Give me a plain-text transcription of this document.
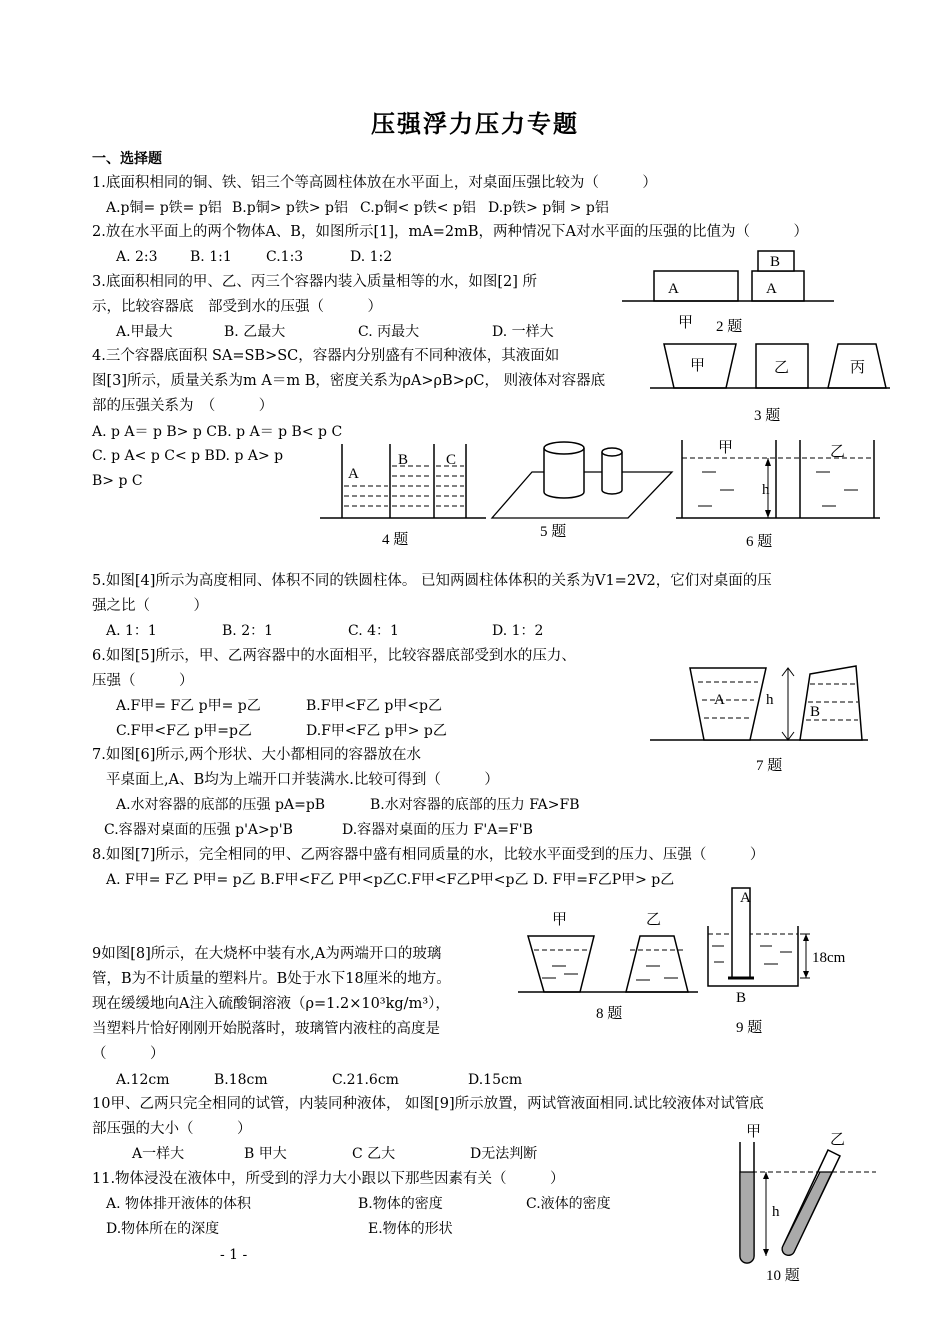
压强浮力压力专题
一、选择题
1.底面积相同的铜、铁、铝三个等高圆柱体放在水平面上，对桌面压强比较为（　　　）
A.p铜= p铁= p铝 B.p铜> p铁> p铝 C.p铜< p铁< p铝 D.p铁> p铜 > p铝
2.放在水平面上的两个物体A、B，如图所示[1]，mA=2mB，两种情况下A对水平面的压强的比值为（　　　）
A. 2:3 B. 1:1 C.1:3	D. 1:2
3.底面积相同的甲、乙、丙三个容器内装入质量相等的水，如图[2] 所
示，比较容器底　部受到水的压强（　　　）
A.甲最大	B. 乙最大	C. 丙最大	D. 一样大
4.三个容器底面积 SA=SB>SC，容器内分别盛有不同种液体，其液面如
图[3]所示，质量关系为m A＝m B，密度关系为ρA>ρB>ρC， 则液体对容器底
部的压强关系为　（　　　）
A. p A＝ p B> p CB. p A＝ p B< p C
C. p A< p C< p BD. p A> p
B> p C
5.如图[4]所示为高度相同、体积不同的铁圆柱体。 已知两圆柱体体积的关系为V1=2V2，它们对桌面的压
强之比（　　　）
A. 1：1	B. 2：1	C. 4：1	D. 1：2
6.如图[5]所示，甲、乙两容器中的水面相平，比较容器底部受到水的压力、
压强（　　　）
A.F甲= F乙 p甲= p乙	B.F甲<F乙 p甲<p乙
C.F甲<F乙 p甲=p乙	D.F甲<F乙 p甲> p乙
7.如图[6]所示,两个形状、大小都相同的容器放在水
平桌面上,A、B均为上端开口并装满水.比较可得到（　　　）
A.水对容器的底部的压强 pA=pB	B.水对容器的底部的压力 FA>FB
C.容器对桌面的压强 p'A>p'B	D.容器对桌面的压力 F'A=F'B
8.如图[7]所示，完全相同的甲、乙两容器中盛有相同质量的水，比较水平面受到的压力、压强（　　　）
A. F甲= F乙 P甲= p乙 B.F甲<F乙 P甲<p乙C.F甲<F乙P甲<p乙 D. F甲=F乙P甲> p乙
9如图[8]所示，在大烧杯中装有水,A为两端开口的玻璃
管，B为不计质量的塑料片。B处于水下18厘米的地方。
现在缓缓地向A注入硫酸铜溶液（ρ=1.2×10³kg/m³），
当塑料片恰好刚刚开始脱落时，玻璃管内液柱的高度是
（　　　）
A.12cm	B.18cm	C.21.6cm	D.15cm
10甲、乙两只完全相同的试管，内装同种液体， 如图[9]所示放置，两试管液面相同.试比较液体对试管底
部压强的大小（　　　）
A一样大	B 甲大	C 乙大	D无法判断
11.物体浸没在液体中，所受到的浮力大小跟以下那些因素有关（　　　）
A. 物体排开液体的体积	B.物体的密度	C.液体的密度
D.物体所在的深度	E.物体的形状
- 1 -
A	A
B
甲 2 题
甲	乙	丙
3 题
A
B	C
4 题	5 题
h
甲	乙
6 题
h
A
B
7 题
甲	乙
8 题
18cm
A
B
9 题
甲	乙
h
10 题
